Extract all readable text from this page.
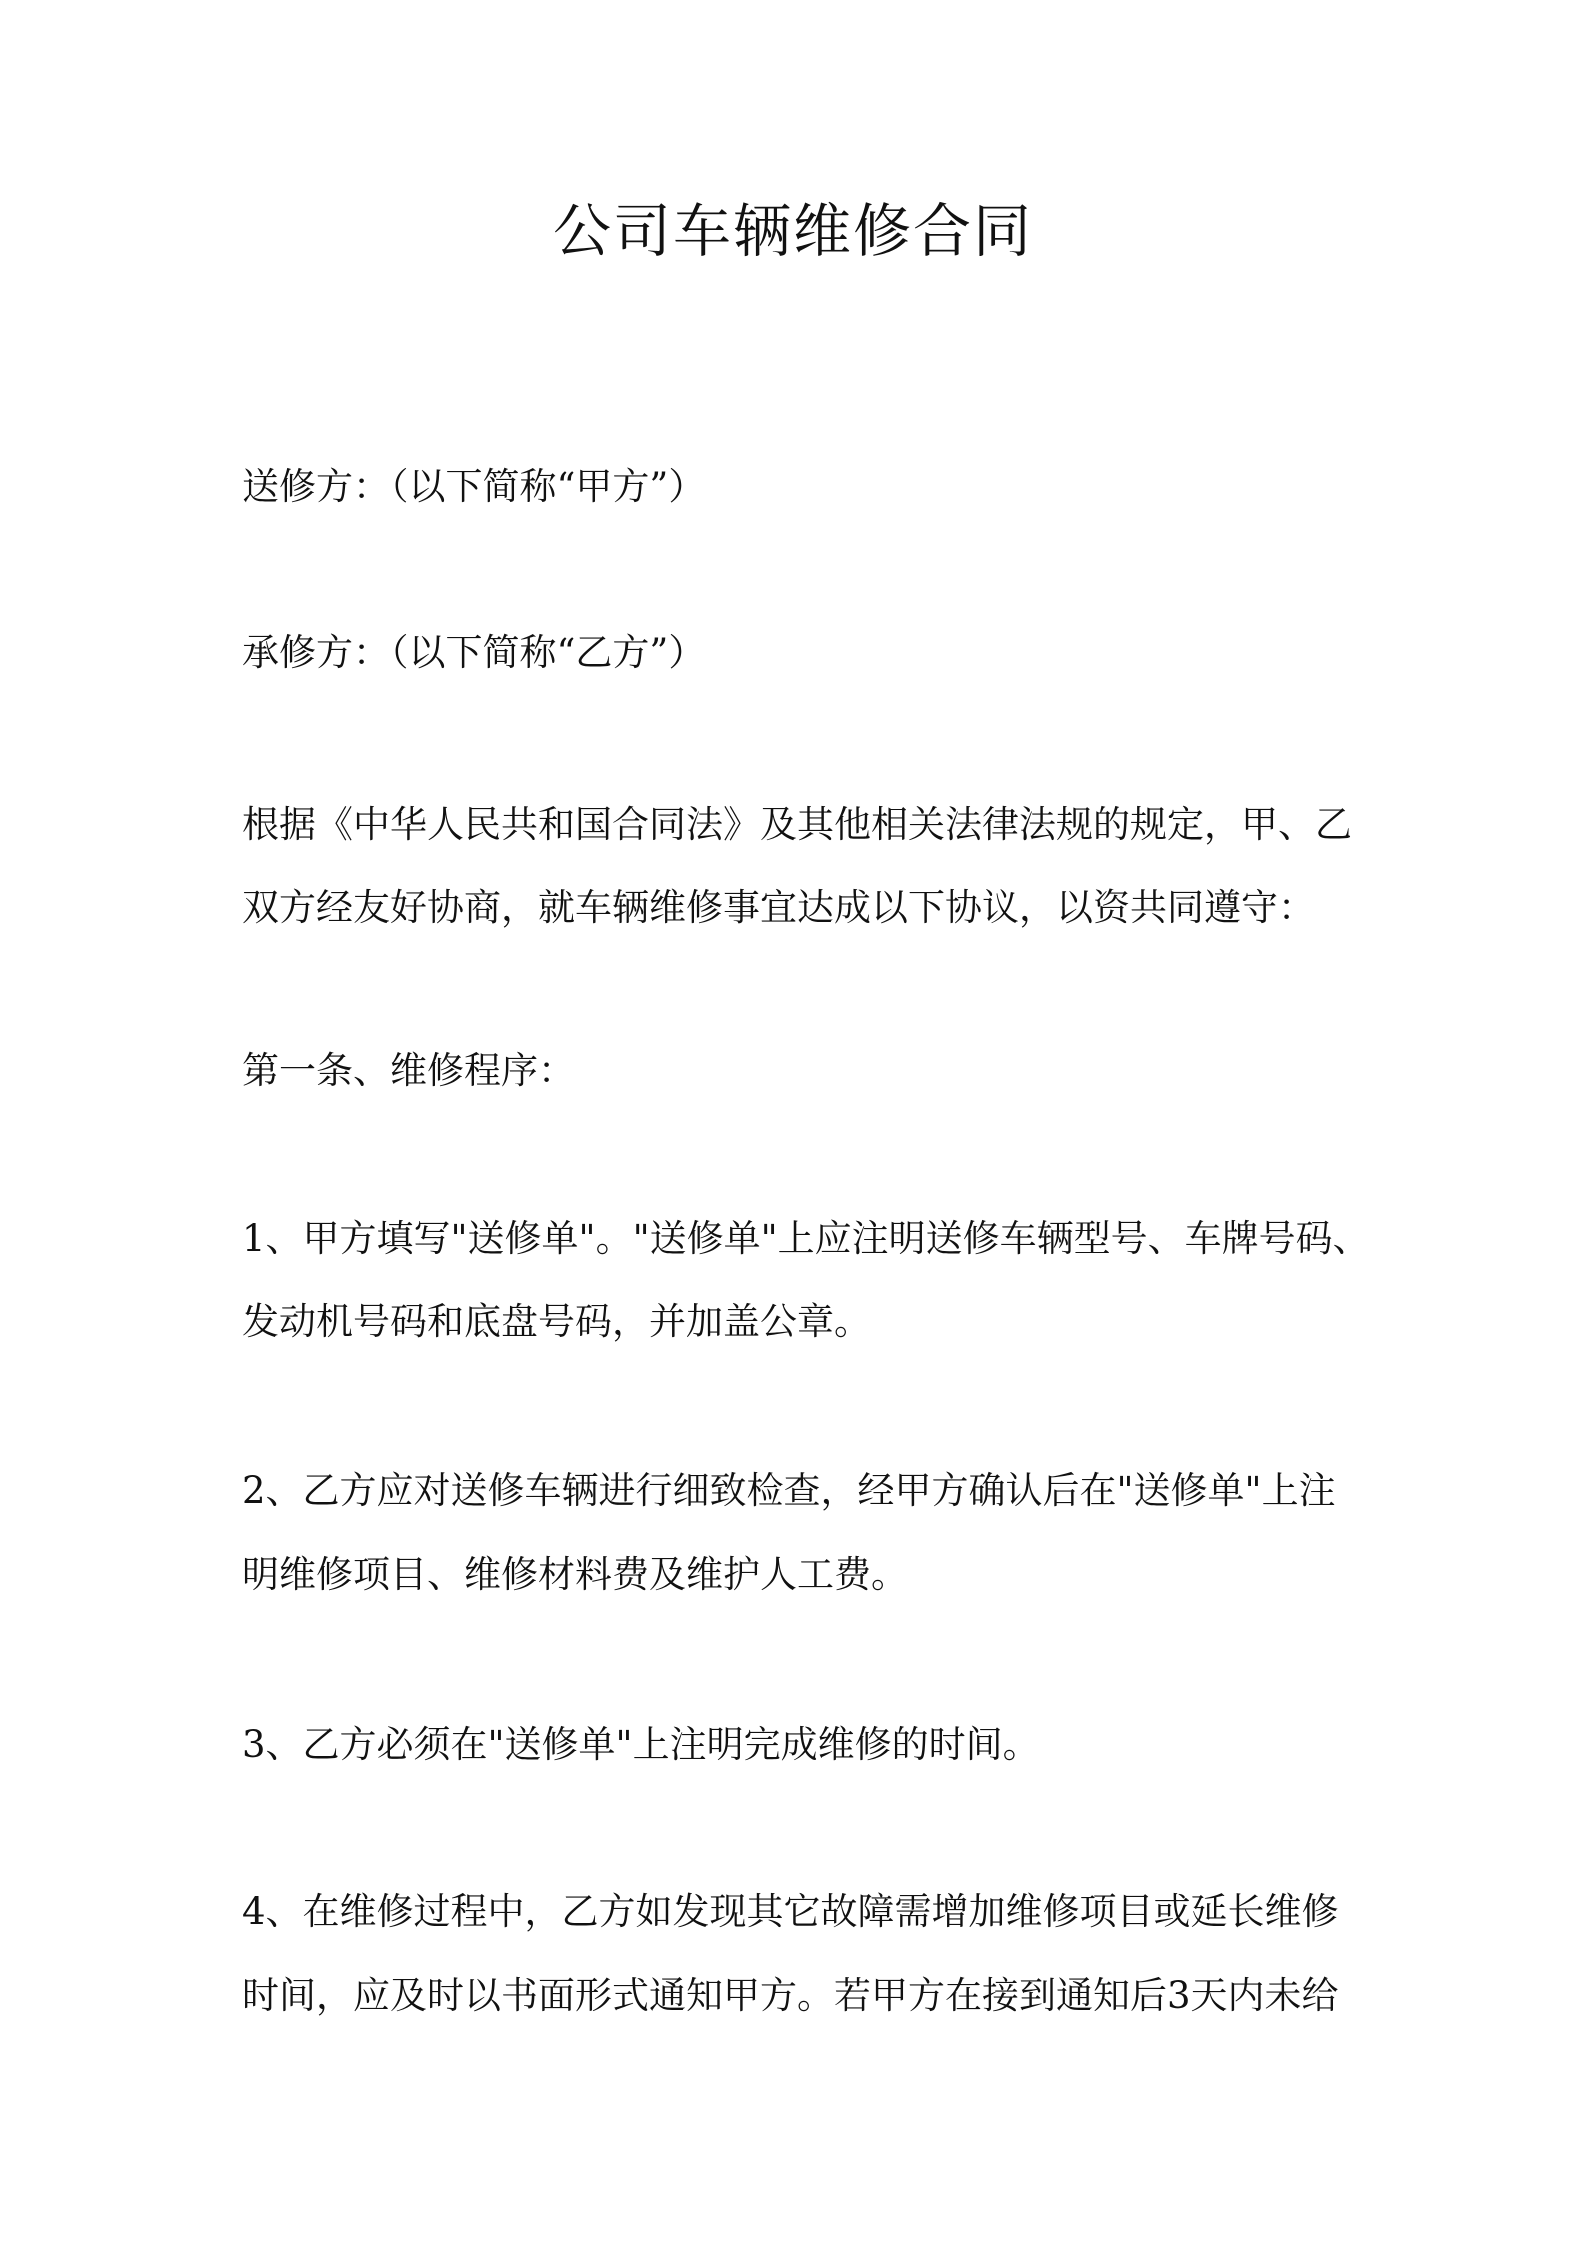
公司车辆维修合同
送修方：（以下简称“甲方”）
承修方：（以下简称“乙方”）
根据《中华人民共和国合同法》及其他相关法律法规的规定，甲、乙
双方经友好协商，就车辆维修事宜达成以下协议，以资共同遵守：
第一条、维修程序：
1、甲方填写"送修单"。"送修单"上应注明送修车辆型号、车牌号码、
发动机号码和底盘号码，并加盖公章。
2、乙方应对送修车辆进行细致检查，经甲方确认后在"送修单"上注
明维修项目、维修材料费及维护人工费。
3、乙方必须在"送修单"上注明完成维修的时间。
4、在维修过程中，乙方如发现其它故障需增加维修项目或延长维修
时间，应及时以书面形式通知甲方。若甲方在接到通知后3天内未给
